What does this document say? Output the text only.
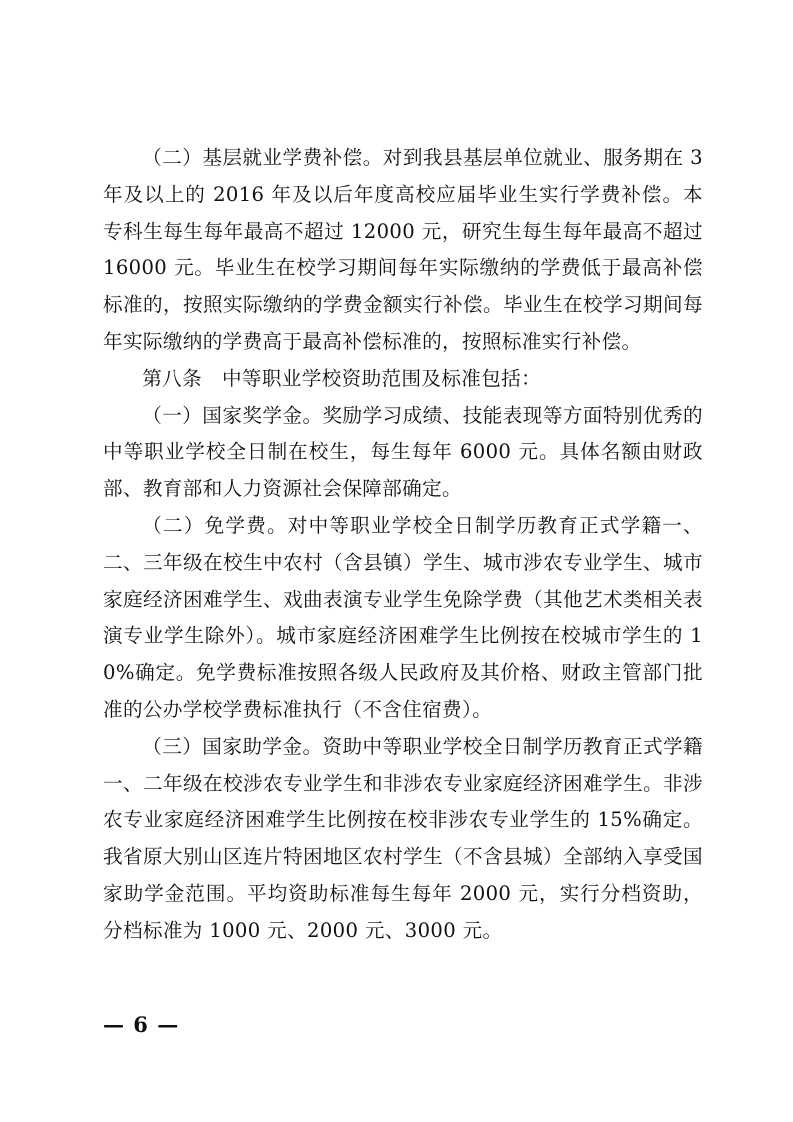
（二）基层就业学费补偿。对到我县基层单位就业、服务期在 3 年及以上的 2016 年及以后年度高校应届毕业生实行学费补偿。本专科生每生每年最高不超过 12000 元，研究生每生每年最高不超过 16000 元。毕业生在校学习期间每年实际缴纳的学费低于最高补偿标准的，按照实际缴纳的学费金额实行补偿。毕业生在校学习期间每年实际缴纳的学费高于最高补偿标准的，按照标准实行补偿。

第八条　中等职业学校资助范围及标准包括：

（一）国家奖学金。奖励学习成绩、技能表现等方面特别优秀的中等职业学校全日制在校生，每生每年 6000 元。具体名额由财政部、教育部和人力资源社会保障部确定。

（二）免学费。对中等职业学校全日制学历教育正式学籍一、二、三年级在校生中农村（含县镇）学生、城市涉农专业学生、城市家庭经济困难学生、戏曲表演专业学生免除学费（其他艺术类相关表演专业学生除外）。城市家庭经济困难学生比例按在校城市学生的 10%确定。免学费标准按照各级人民政府及其价格、财政主管部门批准的公办学校学费标准执行（不含住宿费）。

（三）国家助学金。资助中等职业学校全日制学历教育正式学籍一、二年级在校涉农专业学生和非涉农专业家庭经济困难学生。非涉农专业家庭经济困难学生比例按在校非涉农专业学生的 15%确定。我省原大别山区连片特困地区农村学生（不含县城）全部纳入享受国家助学金范围。平均资助标准每生每年 2000 元，实行分档资助，分档标准为 1000 元、2000 元、3000 元。

— 6 —
